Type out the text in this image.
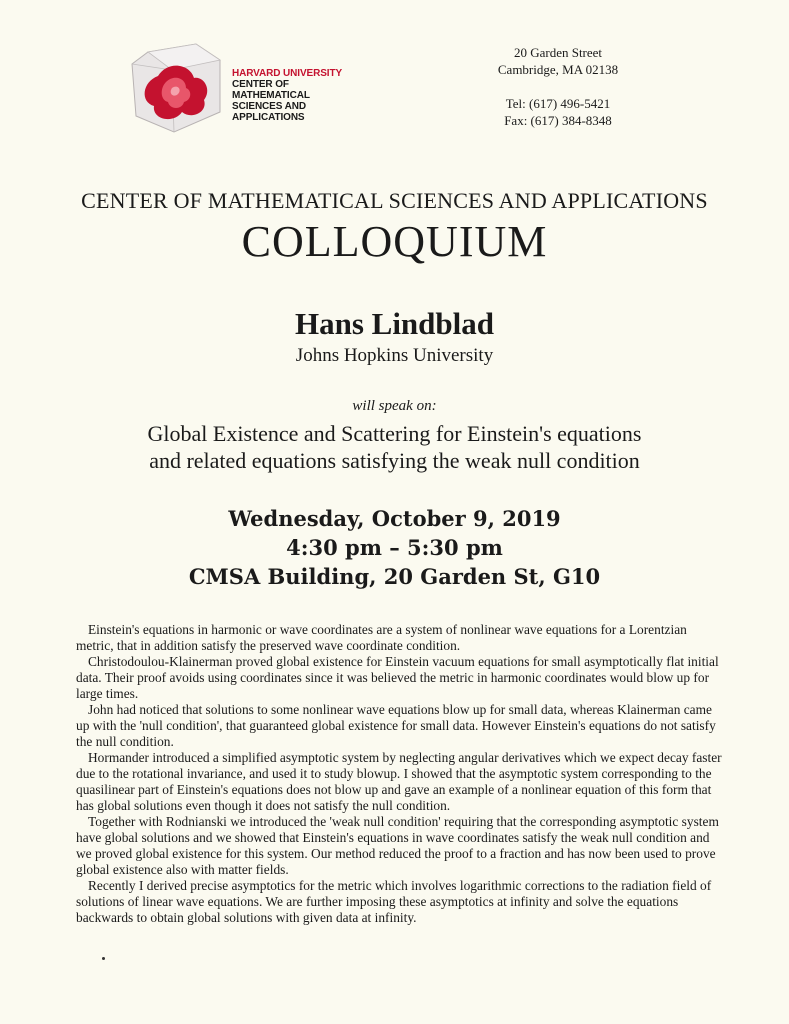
HARVARD UNIVERSITY
CENTER OF MATHEMATICAL
SCIENCES AND APPLICATIONS
20 Garden Street
Cambridge, MA 02138
Tel: (617) 496-5421
Fax: (617) 384-8348
CENTER OF MATHEMATICAL SCIENCES AND APPLICATIONS
COLLOQUIUM
Hans Lindblad
Johns Hopkins University
will speak on:
Global Existence and Scattering for Einstein's equations
and related equations satisfying the weak null condition
Wednesday, October 9, 2019
4:30 pm – 5:30 pm
CMSA Building, 20 Garden St, G10

Einstein's equations in harmonic or wave coordinates are a system of nonlinear wave equations for a Lorentzian metric, that in addition satisfy the preserved wave coordinate condition.

Christodoulou-Klainerman proved global existence for Einstein vacuum equations for small asymptotically flat initial data. Their proof avoids using coordinates since it was believed the metric in harmonic coordinates would blow up for large times.

John had noticed that solutions to some nonlinear wave equations blow up for small data, whereas Klainerman came up with the 'null condition', that guaranteed global existence for small data. However Einstein's equations do not satisfy the null condition.

Hormander introduced a simplified asymptotic system by neglecting angular derivatives which we expect decay faster due to the rotational invariance, and used it to study blowup. I showed that the asymptotic system corresponding to the quasilinear part of Einstein's equations does not blow up and gave an example of a nonlinear equation of this form that has global solutions even though it does not satisfy the null condition.

Together with Rodnianski we introduced the 'weak null condition' requiring that the corresponding asymptotic system have global solutions and we showed that Einstein's equations in wave coordinates satisfy the weak null condition and we proved global existence for this system. Our method reduced the proof to a fraction and has now been used to prove global existence also with matter fields.

Recently I derived precise asymptotics for the metric which involves logarithmic corrections to the radiation field of solutions of linear wave equations. We are further imposing these asymptotics at infinity and solve the equations backwards to obtain global solutions with given data at infinity.
